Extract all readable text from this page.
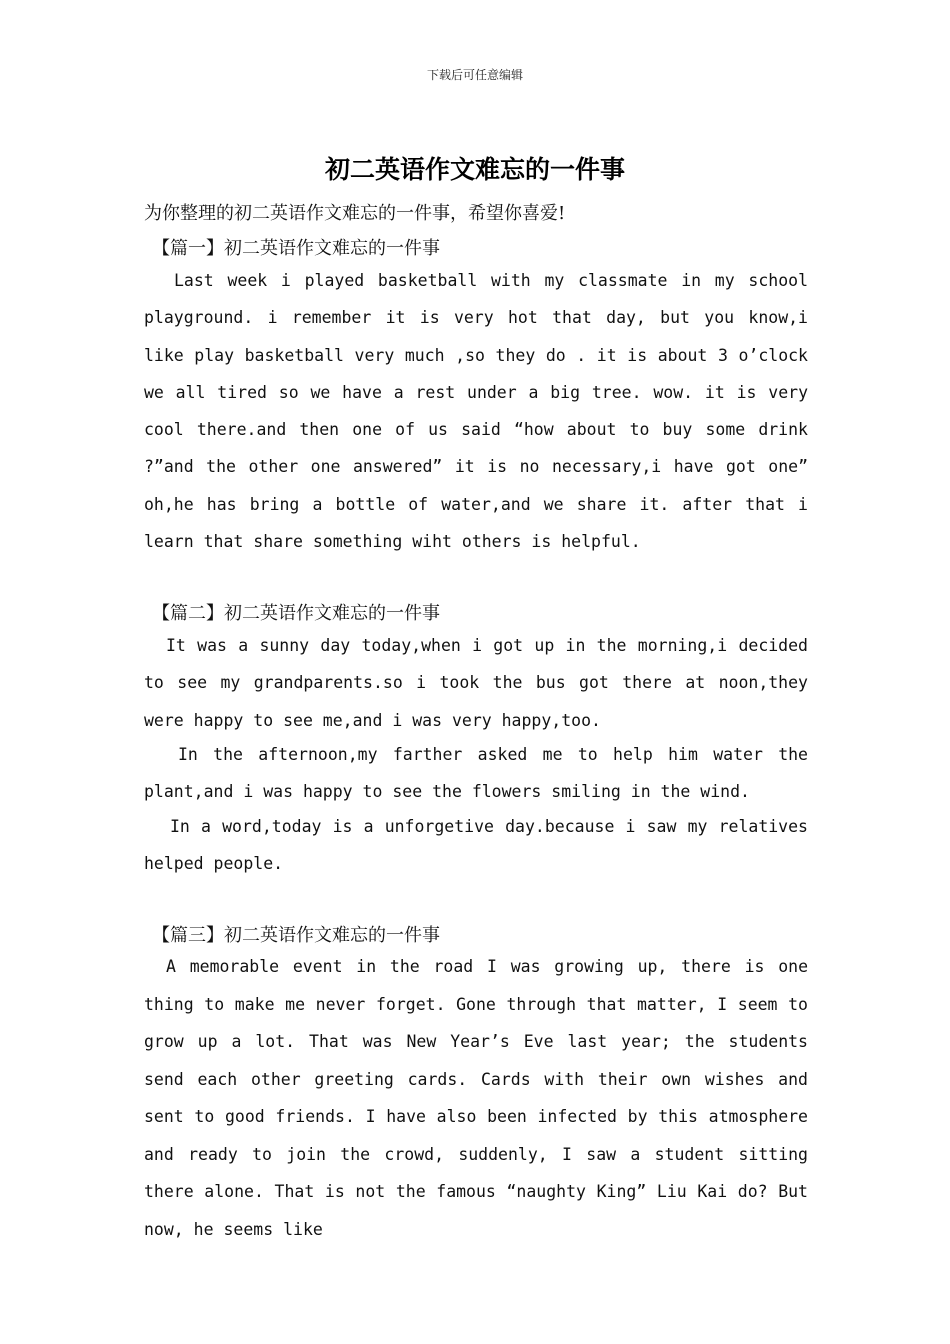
下载后可任意编辑
初二英语作文难忘的一件事
为你整理的初二英语作文难忘的一件事，希望你喜爱!
【篇一】初二英语作文难忘的一件事

Last week i played basketball with my classmate in my school playground. i remember it is very hot that day, but you know,i like play basketball very much ,so they do . it is about 3 o’clock we all tired so we have a rest under a big tree. wow. it is very cool there.and then one of us said “how about to buy some drink ?”and the other one answered” it is no necessary,i have got one” oh,he has bring a bottle of water,and we share it. after that i learn that share something wiht others is helpful.

【篇二】初二英语作文难忘的一件事

It was a sunny day today,when i got up in the morning,i decided to see my grandparents.so i took the bus got there at noon,they were happy to see me,and i was very happy,too.

In the afternoon,my farther asked me to help him water the plant,and i was happy to see the flowers smiling in the wind.

In a word,today is a unforgetive day.because i saw my relatives helped people.

【篇三】初二英语作文难忘的一件事

A memorable event in the road I was growing up, there is one thing to make me never forget. Gone through that matter, I seem to grow up a lot. That was New Year’s Eve last year; the students send each other greeting cards. Cards with their own wishes and sent to good friends. I have also been infected by this atmosphere and ready to join the crowd, suddenly, I saw a student sitting there alone. That is not the famous “naughty King” Liu Kai do? But now, he seems like
